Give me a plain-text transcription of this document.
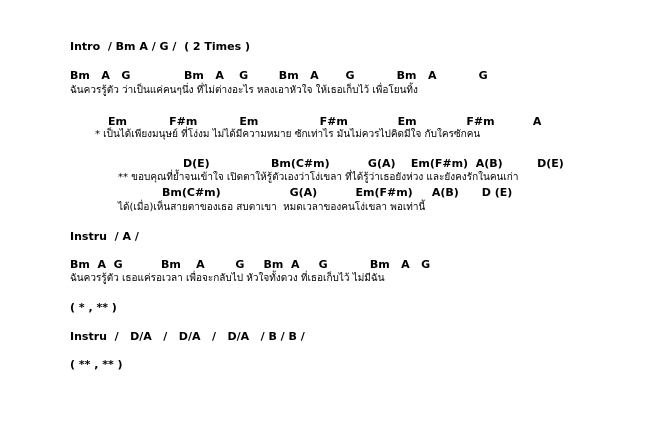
Intro  / Bm A / G /  ( 2 Times )
Bm   A   G              Bm   A    G        Bm   A       G           Bm   A           G
ฉันควรรู้ตัว ว่าเป็นแค่คนๆนึ่ง ที่ไม่ต่างอะไร หลงเอาหัวใจ ให้เธอเก็บไว้ เพื่อโยนทิ้ง
Em           F#m           Em                F#m             Em             F#m          A
* เป็นได้เพียงมนุษย์ ที่โง่งม ไม่ได้มีความหมาย ซักเท่าไร มันไม่ควรไปคิดมีใจ กับใครซักคน
D(E)                Bm(C#m)          G(A)    Em(F#m)  A(B)         D(E)
** ขอบคุณที่ย้ำจนเข้าใจ เปิดตาให้รู้ตัวเองว่าโง่เขลา ที่ได้รู้ว่าเธอยังห่วง และยังคงรักในคนเก่า
Bm(C#m)                  G(A)          Em(F#m)     A(B)      D (E)
ได้(เมื่อ)เห็นสายตาของเธอ สบตาเขา  หมดเวลาของคนโง่เขลา พอเท่านี้
Instru  / A /
Bm  A  G          Bm    A        G     Bm  A     G           Bm   A   G
ฉันควรรู้ตัว เธอแค่รอเวลา เพื่อจะกลับไป หัวใจทั้งดวง ที่เธอเก็บไว้ ไม่มีฉัน
( * , ** )
Instru  /   D/A   /   D/A   /   D/A   / B / B /
( ** , ** )
